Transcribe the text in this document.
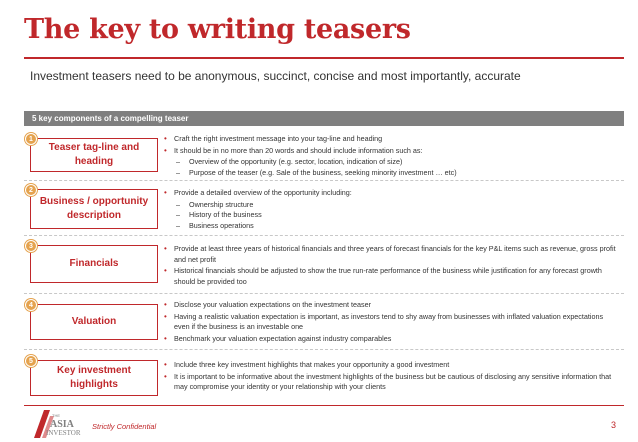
The key to writing teasers
Investment teasers need to be anonymous, succinct, concise and most importantly, accurate
5 key components of a compelling teaser
Teaser tag-line and heading
1	• Craft the right investment message into your tag-line and heading
• It should be in no more than 20 words and should include information such as:
– Overview of the opportunity (e.g. sector, location, indication of size)
– Purpose of the teaser (e.g. Sale of the business, seeking minority investment … etc)
Business / opportunity description
2	• Provide a detailed overview of the opportunity including:
– Ownership structure
– History of the business
– Business operations
Financials
3	• Provide at least three years of historical financials and three years of forecast financials for the key P&L items such as revenue, gross profit and net profit
• Historical financials should be adjusted to show the true run-rate performance of the business while justification for any forecast growth should be provided too
Valuation
4	• Disclose your valuation expectations on the investment teaser
• Having a realistic valuation expectation is important, as investors tend to shy away from businesses with inflated valuation expectations even if the business is an investable one
• Benchmark your valuation expectation against industry comparables
Key investment highlights
5	• Include three key investment highlights that makes your opportunity a good investment
• It is important to be informative about the investment highlights of the business but be cautious of disclosing any sensitive information that may compromise your identity or your relationship with your clients
THE
ASIA
INVESTOR
Strictly Confidential	3
